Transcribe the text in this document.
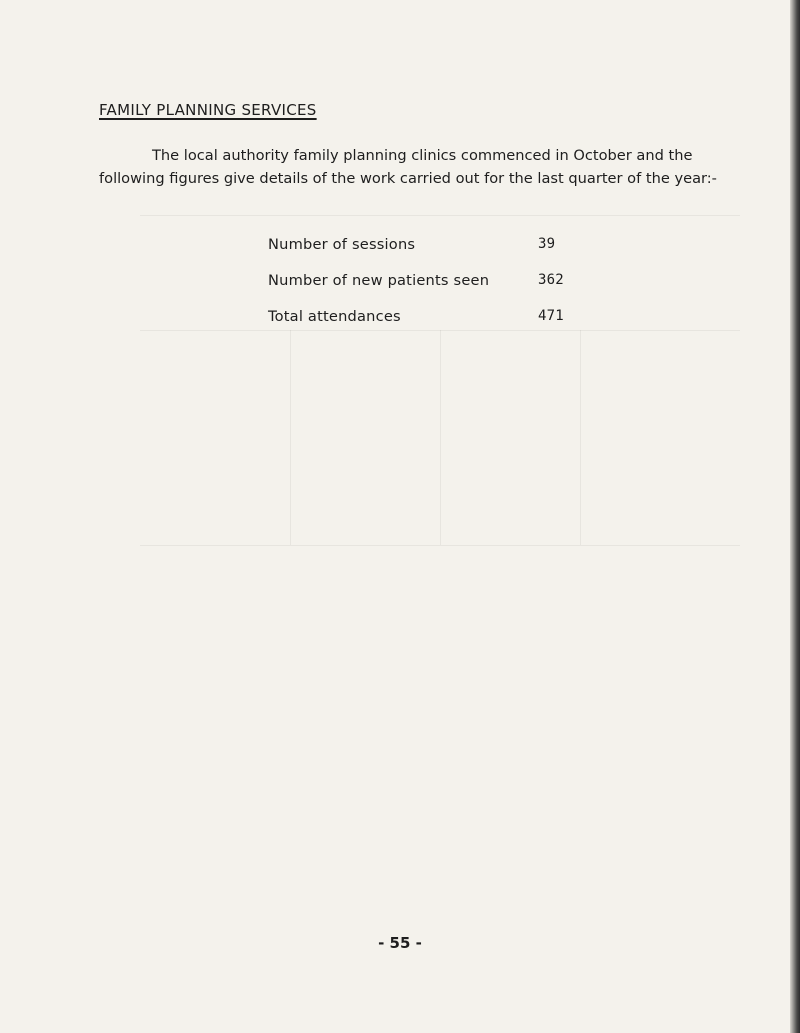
FAMILY PLANNING SERVICES

The local authority family planning clinics commenced in October and the following figures give details of the work carried out for the last quarter of the year:-

Number of sessions	39
Number of new patients seen	362
Total attendances	471
- 55 -
